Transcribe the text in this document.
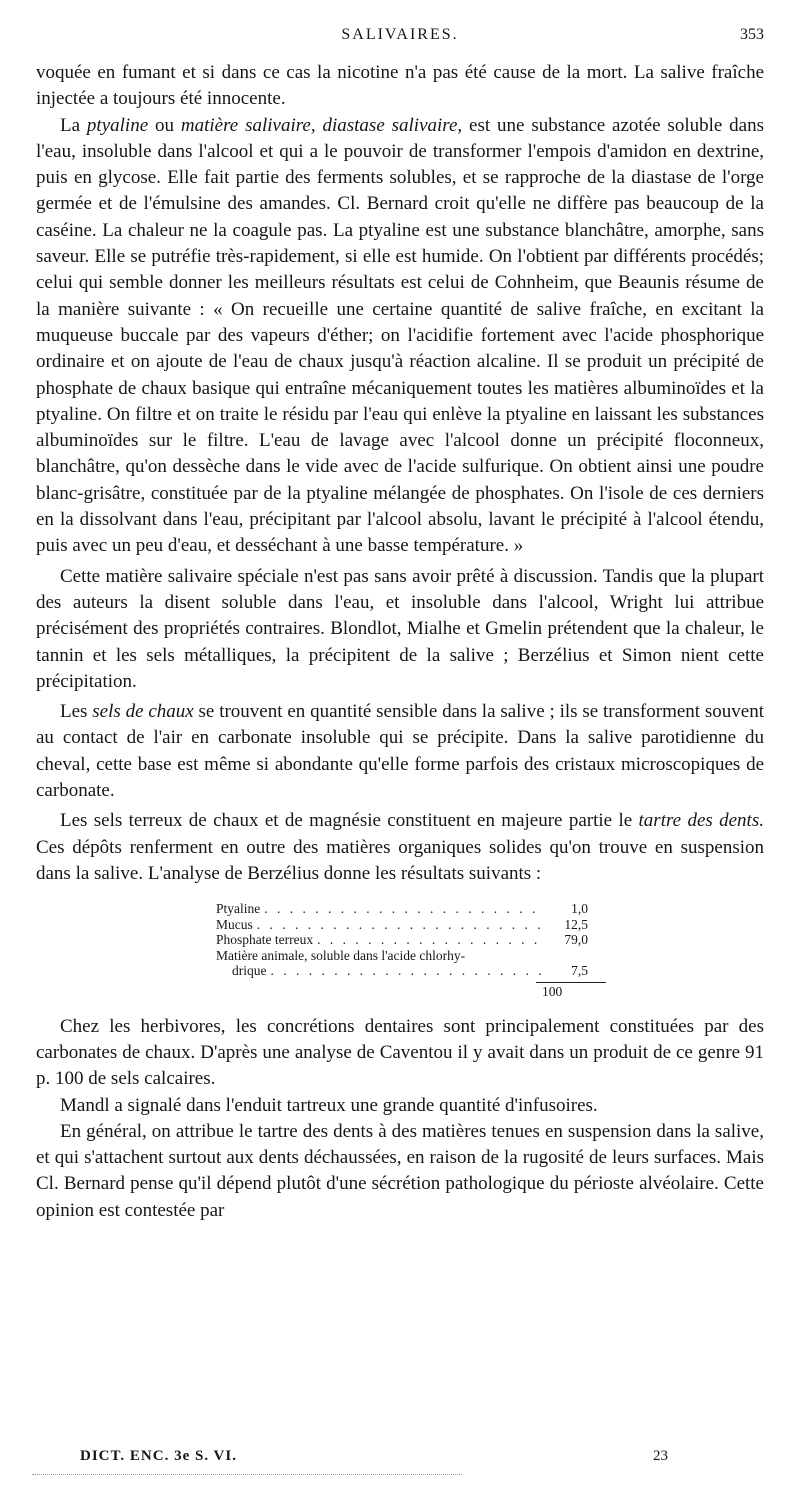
SALIVAIRES.	353

voquée en fumant et si dans ce cas la nicotine n'a pas été cause de la mort. La salive fraîche injectée a toujours été innocente.

La ptyaline ou matière salivaire, diastase salivaire, est une substance azotée soluble dans l'eau, insoluble dans l'alcool et qui a le pouvoir de transformer l'empois d'amidon en dextrine, puis en glycose. Elle fait partie des ferments solubles, et se rapproche de la diastase de l'orge germée et de l'émulsine des amandes. Cl. Bernard croit qu'elle ne diffère pas beaucoup de la caséine. La chaleur ne la coagule pas. La ptyaline est une substance blanchâtre, amorphe, sans saveur. Elle se putréfie très-rapidement, si elle est humide. On l'obtient par différents procédés; celui qui semble donner les meilleurs résultats est celui de Cohnheim, que Beaunis résume de la manière suivante : « On recueille une certaine quantité de salive fraîche, en excitant la muqueuse buccale par des vapeurs d'éther; on l'acidifie fortement avec l'acide phosphorique ordinaire et on ajoute de l'eau de chaux jusqu'à réaction alcaline. Il se produit un précipité de phosphate de chaux basique qui entraîne mécaniquement toutes les matières albuminoïdes et la ptyaline. On filtre et on traite le résidu par l'eau qui enlève la ptyaline en laissant les substances albuminoïdes sur le filtre. L'eau de lavage avec l'alcool donne un précipité floconneux, blanchâtre, qu'on dessèche dans le vide avec de l'acide sulfurique. On obtient ainsi une poudre blanc-grisâtre, constituée par de la ptyaline mélangée de phosphates. On l'isole de ces derniers en la dissolvant dans l'eau, précipitant par l'alcool absolu, lavant le précipité à l'alcool étendu, puis avec un peu d'eau, et desséchant à une basse température. »

Cette matière salivaire spéciale n'est pas sans avoir prêté à discussion. Tandis que la plupart des auteurs la disent soluble dans l'eau, et insoluble dans l'alcool, Wright lui attribue précisément des propriétés contraires. Blondlot, Mialhe et Gmelin prétendent que la chaleur, le tannin et les sels métalliques, la précipitent de la salive ; Berzélius et Simon nient cette précipitation.

Les sels de chaux se trouvent en quantité sensible dans la salive ; ils se transforment souvent au contact de l'air en carbonate insoluble qui se précipite. Dans la salive parotidienne du cheval, cette base est même si abondante qu'elle forme parfois des cristaux microscopiques de carbonate.

Les sels terreux de chaux et de magnésie constituent en majeure partie le tartre des dents. Ces dépôts renferment en outre des matières organiques solides qu'on trouve en suspension dans la salive. L'analyse de Berzélius donne les résultats suivants :

Ptyaline . . .	1,0
Mucus . . .	12,5
Phosphate terreux . . .	79,0
Matière animale, soluble dans l'acide chlorhy-
drique . . .	7,5
100

Chez les herbivores, les concrétions dentaires sont principalement constituées par des carbonates de chaux. D'après une analyse de Caventou il y avait dans un produit de ce genre 91 p. 100 de sels calcaires.

Mandl a signalé dans l'enduit tartreux une grande quantité d'infusoires.

En général, on attribue le tartre des dents à des matières tenues en suspension dans la salive, et qui s'attachent surtout aux dents déchaussées, en raison de la rugosité de leurs surfaces. Mais Cl. Bernard pense qu'il dépend plutôt d'une sécrétion pathologique du périoste alvéolaire. Cette opinion est contestée par

DICT. ENC. 3e S. VI.	23
